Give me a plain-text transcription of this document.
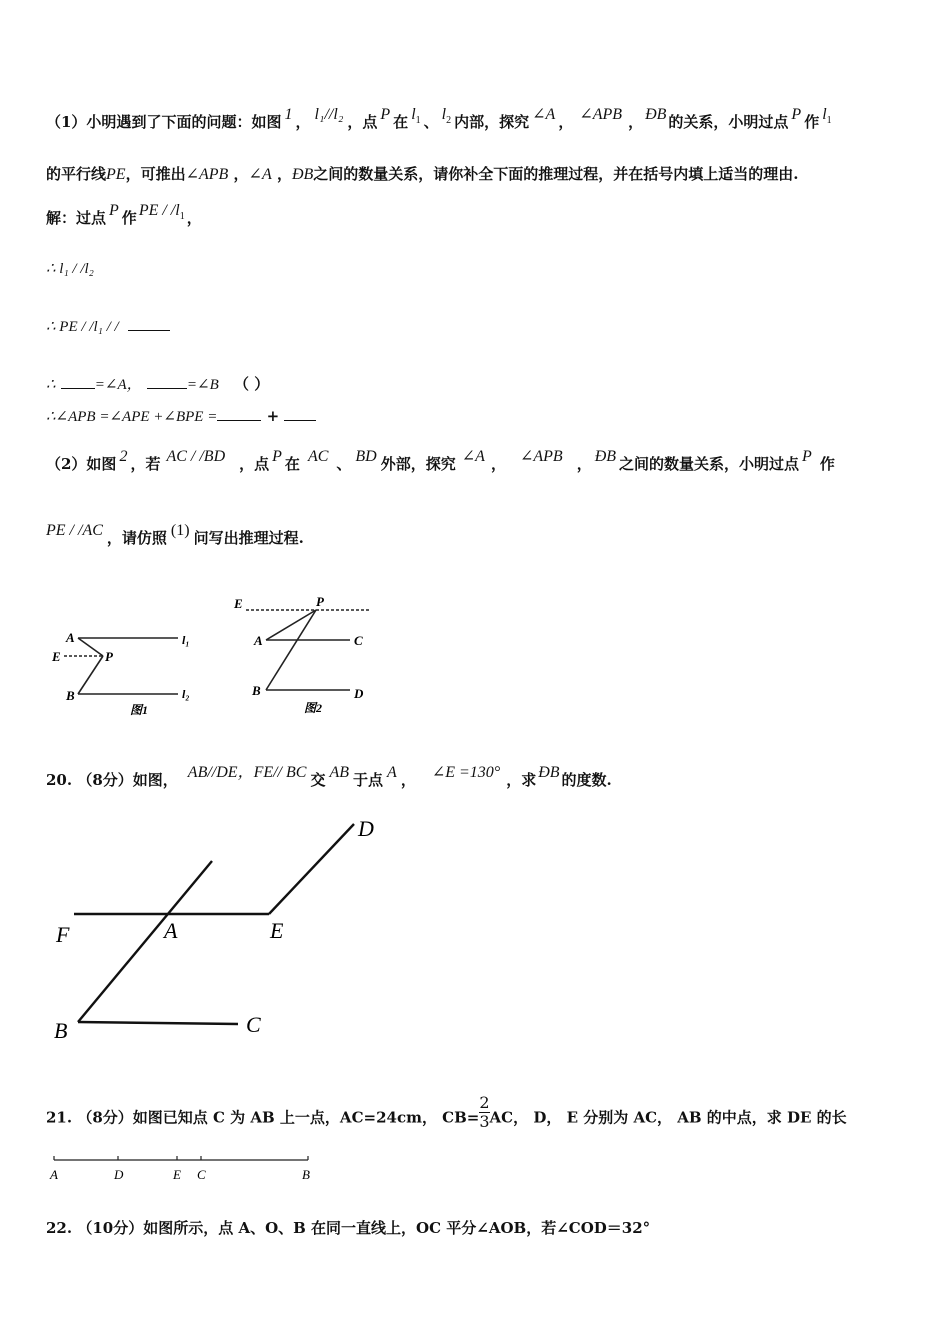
（1）小明遇到了下面的问题：如图 1 ， l₁//l₂ ，点 P 在 $l_1$ 、 $l_2$ 内部，探究 ∠A ， ∠APB ， ÐB 的关系，小明过点 P 作 $l_1$
的平行线PE，可推出∠APB ，∠A ，ÐB之间的数量关系，请你补全下面的推理过程，并在括号内填上适当的理由.
解：过点 P 作 PE / $/l_1$ ，
∴ l₁ / /l₂
∴ PE / /l₁ / /
∴	=∠A，	=∠B （ ）
∴∠APB =∠APE +∠BPE =	+
（2）如图 2 ，若 AC / /BD ，点 P 在 AC 、 BD 外部，探究 ∠A ， ∠APB ， ÐB 之间的数量关系，小明过点 P 作
PE / /AC ，请仿照 (1) 问写出推理过程.
A
E	P
B
l₁
l₂
图1
E	P
A	C
B	D
图2
20. （8分）如图， AB//DE，FE// BC 交 AB 于点 A ， ∠E =130° ，求 ÐB 的度数.
D
F	A	E
B	C
21. （8分）如图已知点 C 为 AB 上一点，AC=24cm， $CB= \frac{2}{3}$ AC， D， E 分别为 AC， AB 的中点，求 DE 的长
A	D	E C	B
22. （10分）如图所示，点 A、O、B 在同一直线上，OC 平分∠AOB，若∠COD＝32°
